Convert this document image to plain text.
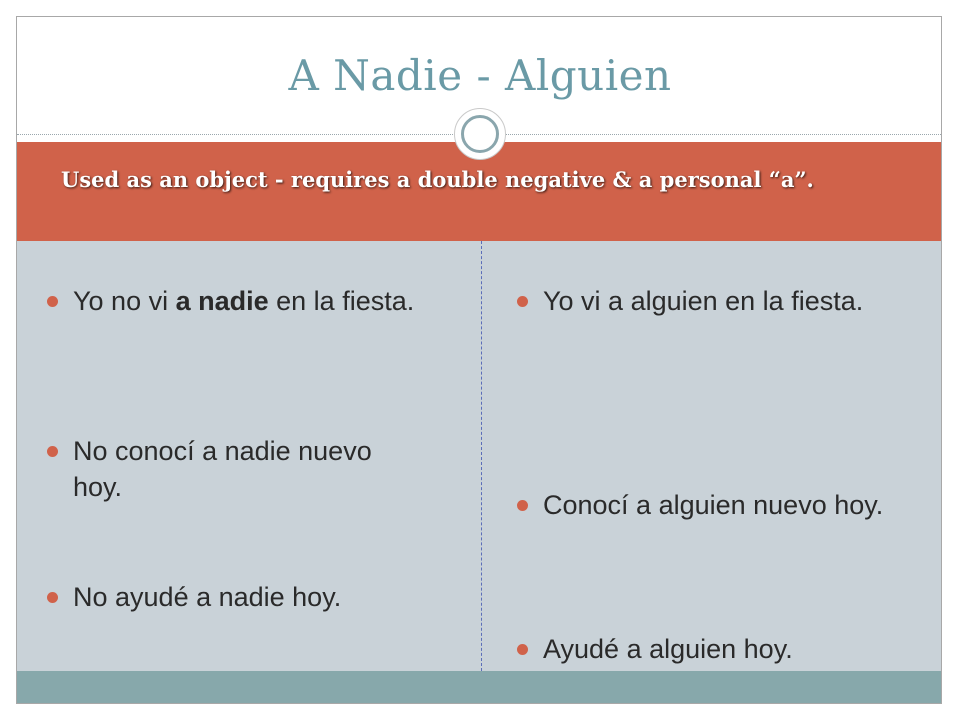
A Nadie - Alguien
Used as an object - requires a double negative & a personal “a”.
Yo no vi a nadie en la fiesta.
No conocí a nadie nuevo hoy.
No ayudé a nadie hoy.
Yo vi a alguien en la fiesta.
Conocí a alguien nuevo hoy.
Ayudé a alguien hoy.
